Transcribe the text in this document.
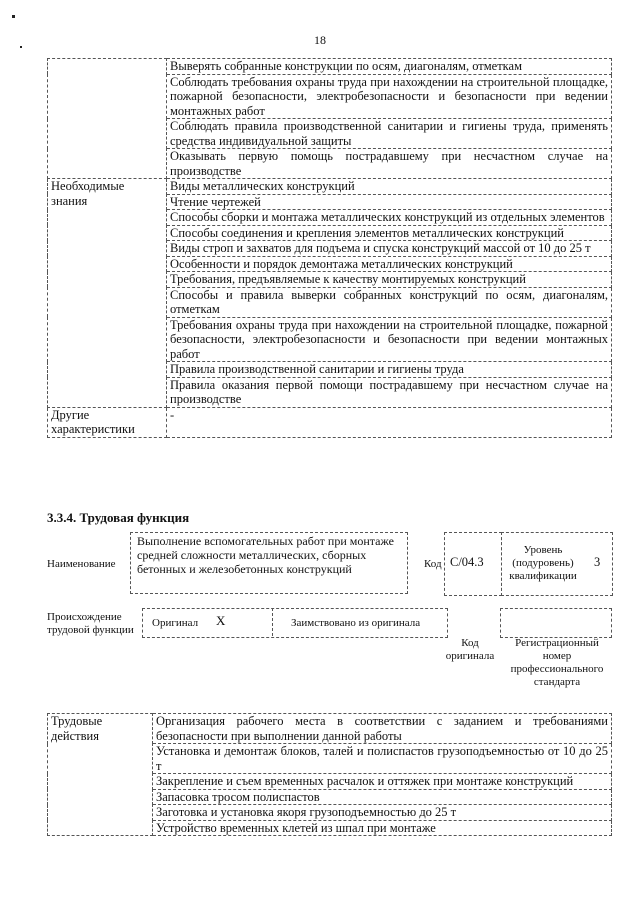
18
	Выверять собранные конструкции по осям, диагоналям, отметкам
	Соблюдать требования охраны труда при нахождении на строительной площадке, пожарной безопасности, электробезопасности и безопасности при ведении монтажных работ
	Соблюдать правила производственной санитарии и гигиены труда, применять средства индивидуальной защиты
	Оказывать первую помощь пострадавшему при несчастном случае на производстве
Необходимые знания	Виды металлических конструкций
	Чтение чертежей
	Способы сборки и монтажа металлических конструкций из отдельных элементов
	Способы соединения и крепления элементов металлических конструкций
	Виды строп и захватов для подъема и спуска конструкций массой от 10 до 25 т
	Особенности и порядок демонтажа металлических конструкций
	Требования, предъявляемые к качеству монтируемых конструкций
	Способы и правила выверки собранных конструкций по осям, диагоналям, отметкам
	Требования охраны труда при нахождении на строительной площадке, пожарной безопасности, электробезопасности и безопасности при ведении монтажных работ
	Правила производственной санитарии и гигиены труда
	Правила оказания первой помощи пострадавшему при несчастном случае на производстве
Другие характеристики	-
3.3.4. Трудовая функция
Наименование
Выполнение вспомогательных работ при монтаже средней сложности металлических, сборных бетонных и железобетонных конструкций	Код C/04.3
Уровень (подуровень) квалификации
3
Происхождение трудовой функции
Оригинал X	Заимствовано из оригинала
Код оригинала
Регистрационный номер профессионального стандарта
Трудовые действия	Организация рабочего места в соответствии с заданием и требованиями безопасности при выполнении данной работы
Установка и демонтаж блоков, талей и полиспастов грузоподъемностью от 10 до 25 т
Закрепление и съем временных расчалок и оттяжек при монтаже конструкций
Запасовка тросом полиспастов
Заготовка и установка якоря грузоподъемностью до 25 т
Устройство временных клетей из шпал при монтаже
